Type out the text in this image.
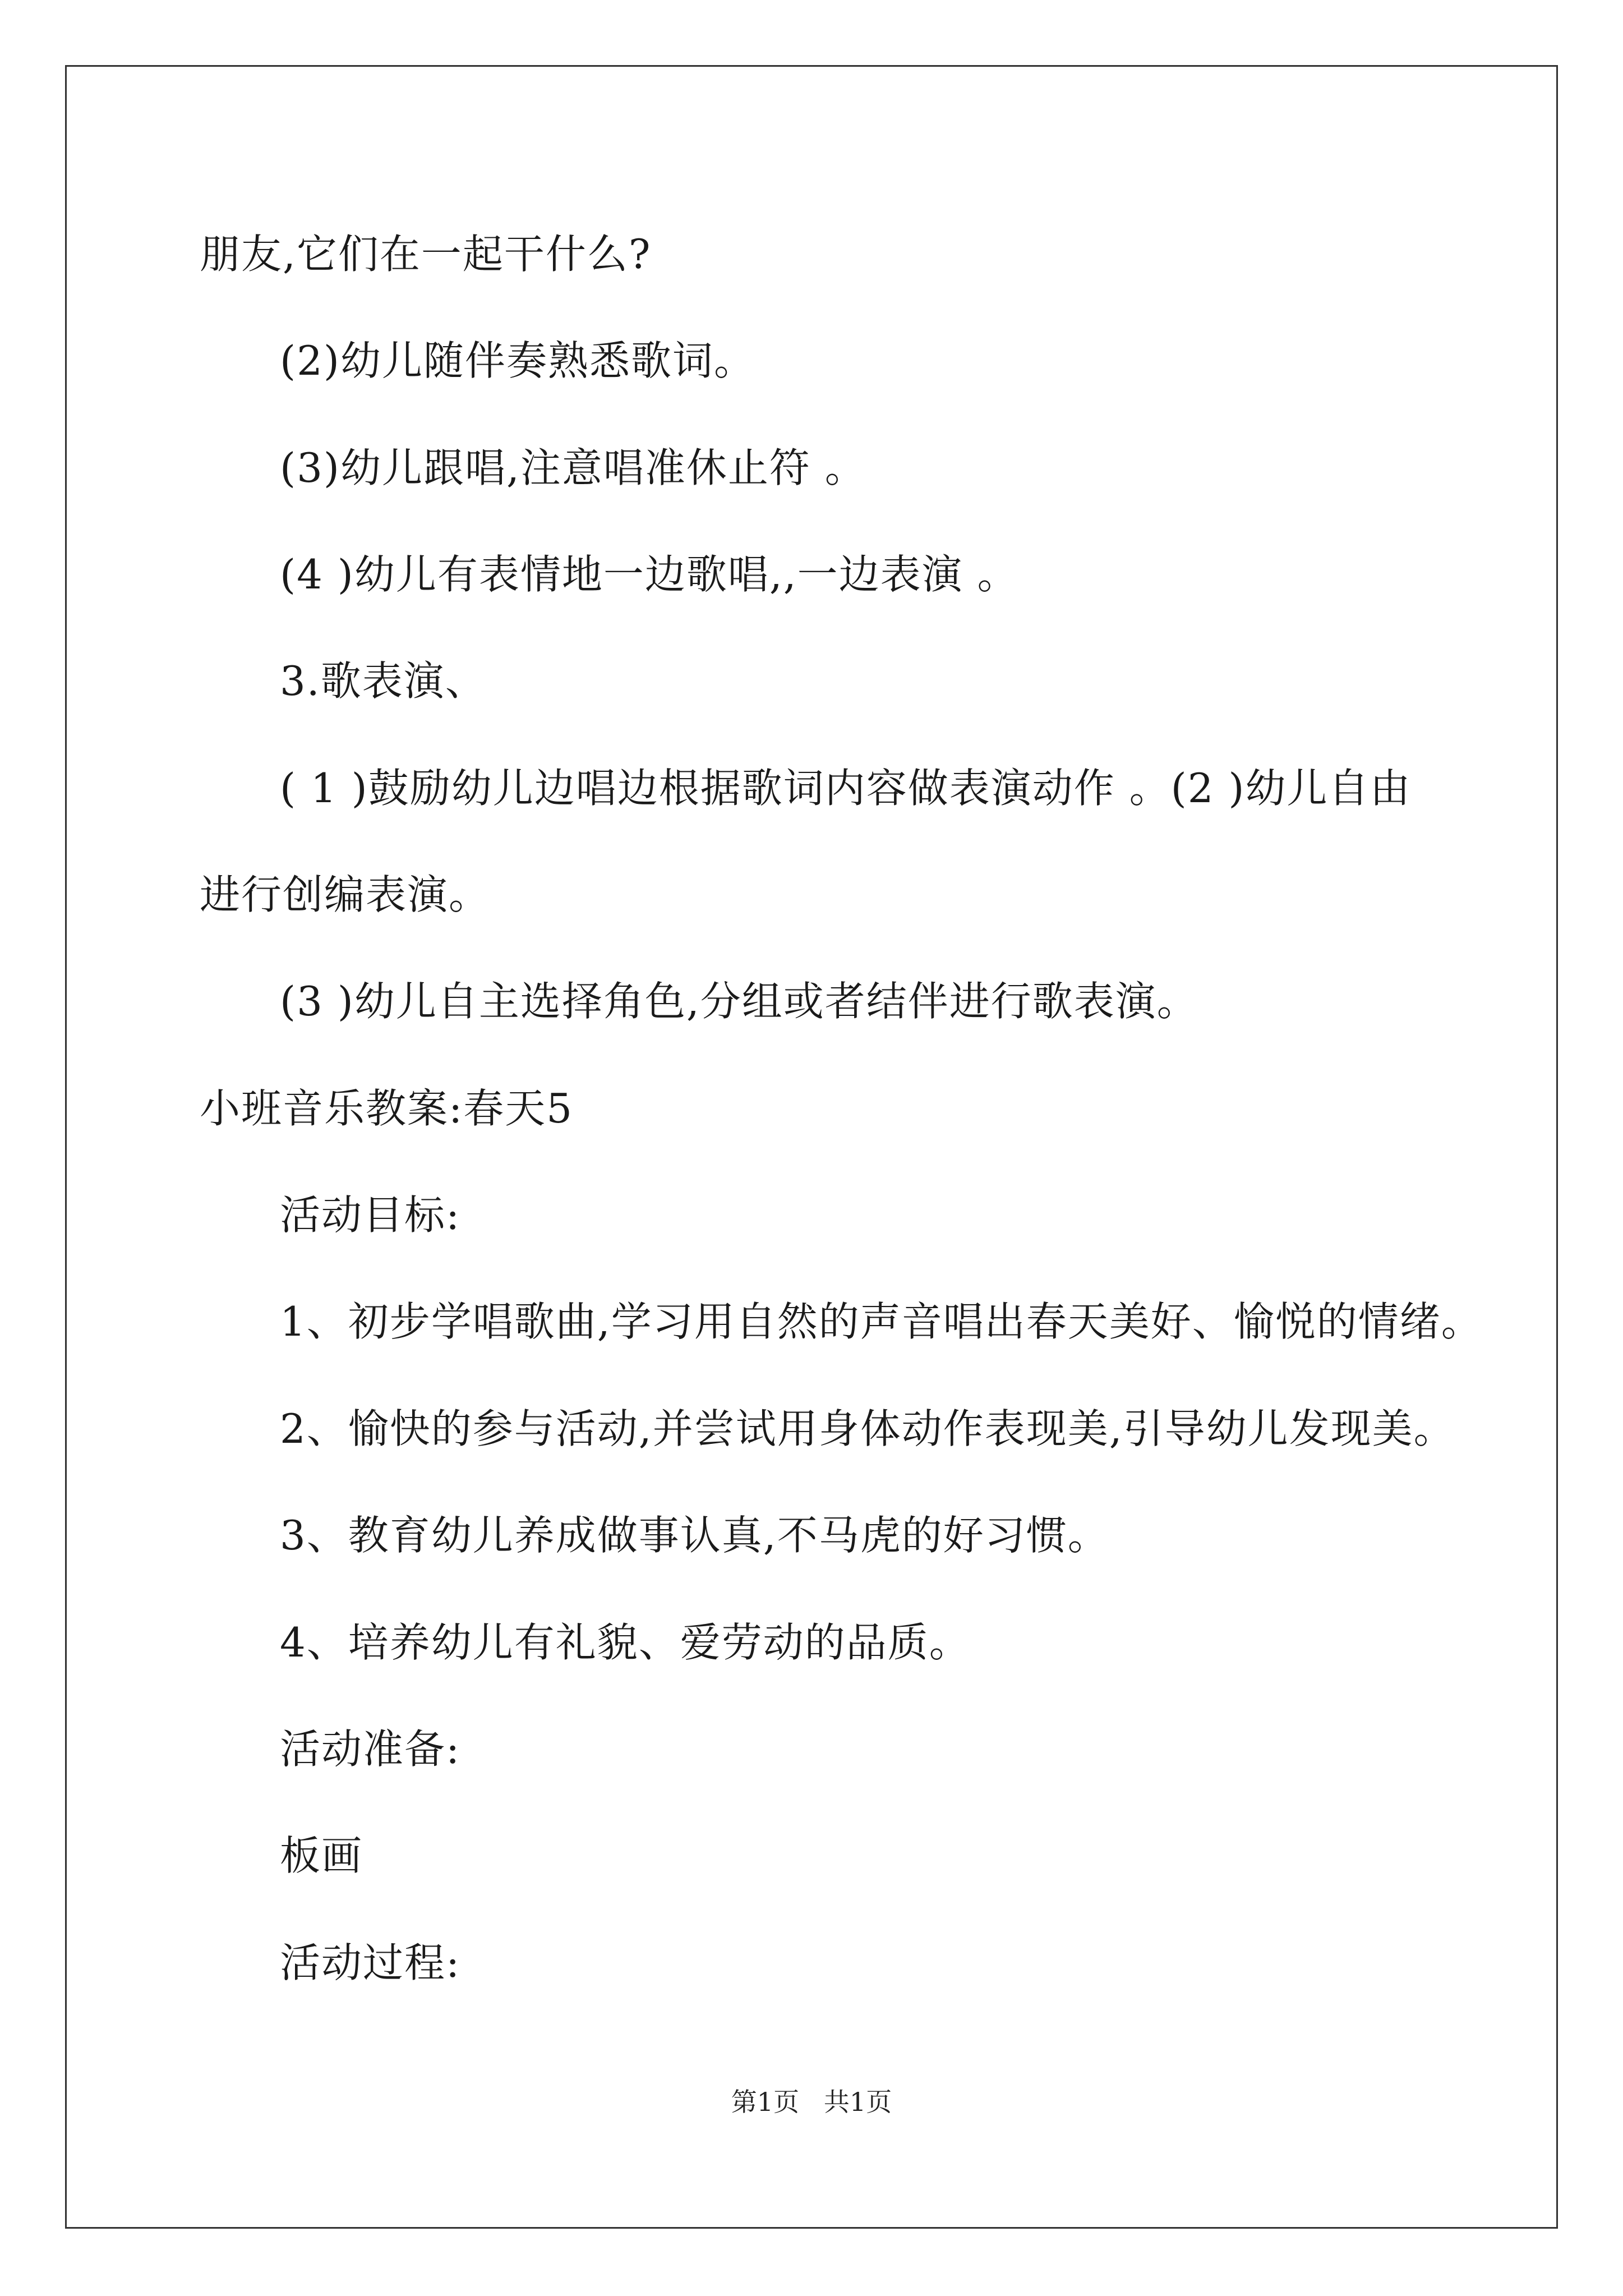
朋友,它们在一起干什么?
(2)幼儿随伴奏熟悉歌词。
(3)幼儿跟唱,注意唱准休止符 。
(4 )幼儿有表情地一边歌唱,,一边表演 。
3.歌表演、
( 1 )鼓励幼儿边唱边根据歌词内容做表演动作 。(2 )幼儿自由
进行创编表演。
(3 )幼儿自主选择角色,分组或者结伴进行歌表演。
小班音乐教案:春天5
活动目标:
1、初步学唱歌曲,学习用自然的声音唱出春天美好、愉悦的情绪。
2、愉快的参与活动,并尝试用身体动作表现美,引导幼儿发现美。
3、教育幼儿养成做事认真,不马虎的好习惯。
4、培养幼儿有礼貌、爱劳动的品质。
活动准备:
板画
活动过程:
第1页   共1页
